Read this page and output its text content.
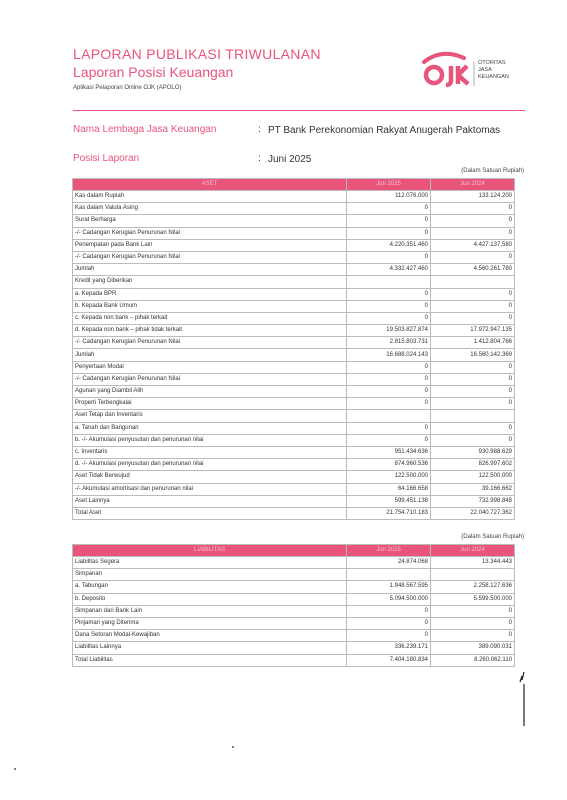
LAPORAN PUBLIKASI TRIWULANAN
Laporan Posisi Keuangan
Aplikasi Pelaporan Online OJK (APOLO)
OTORITAS
JASA
KEUANGAN
Nama Lembaga Jasa Keuangan	: PT Bank Perekonomian Rakyat Anugerah Paktomas
Posisi Laporan	: Juni 2025
(Dalam Satuan Rupiah)
ASET	Jun 2025	Jun 2024
Kas dalam Rupiah	112.076.000	133.124.200
Kas dalam Valuta Asing	0	0
Surat Berharga	0	0
-/- Cadangan Kerugian Penurunan Nilai	0	0
Penempatan pada Bank Lain	4.220.351.460	4.427.137.580
-/- Cadangan Kerugian Penurunan Nilai	0	0
Jumlah	4.332.427.460	4.560.261.780
Kredit yang Diberikan		
a. Kepada BPR	0	0
b. Kepada Bank Umum	0	0
c. Kepada non bank – pihak terkait	0	0
d. Kepada non bank – pihak tidak terkait	19.503.827.874	17.972.947.135
-/- Cadangan Kerugian Penurunan Nilai	2.815.803.731	1.412.804.766
Jumlah	16.688.024.143	16.560.142.369
Penyertaan Modal	0	0
-/- Cadangan Kerugian Penurunan Nilai	0	0
Agunan yang Diambil Alih	0	0
Properti Terbengkalai	0	0
Aset Tetap dan Inventaris		
a. Tanah dan Bangunan	0	0
b. -/- Akumulasi penyusutan dan penurunan nilai	0	0
c. Inventaris	951.434.636	930.988.629
d. -/- Akumulasi penyusutan dan penurunan nilai	874.960.536	826.997.602
Aset Tidak Berwujud	122.500.000	122.500.000
-/- Akumulasi amortisasi dan penurunan nilai	64.166.658	39.166.662
Aset Lainnya	599.451.138	732.998.848
Total Aset	21.754.710.183	22.040.727.362
(Dalam Satuan Rupiah)
LIABILITAS	Jun 2025	Jun 2024
Liabilitas Segera	24.874.068	13.344.443
Simpanan		
a. Tabungan	1.948.567.595	2.258.127.636
b. Deposito	5.094.500.000	5.599.500.000
Simpanan dari Bank Lain	0	0
Pinjaman yang Diterima	0	0
Dana Setoran Modal-Kewajiban	0	0
Liabilitas Lainnya	336.239.171	389.090.031
Total Liabilitas	7.404.180.834	8.260.062.110
